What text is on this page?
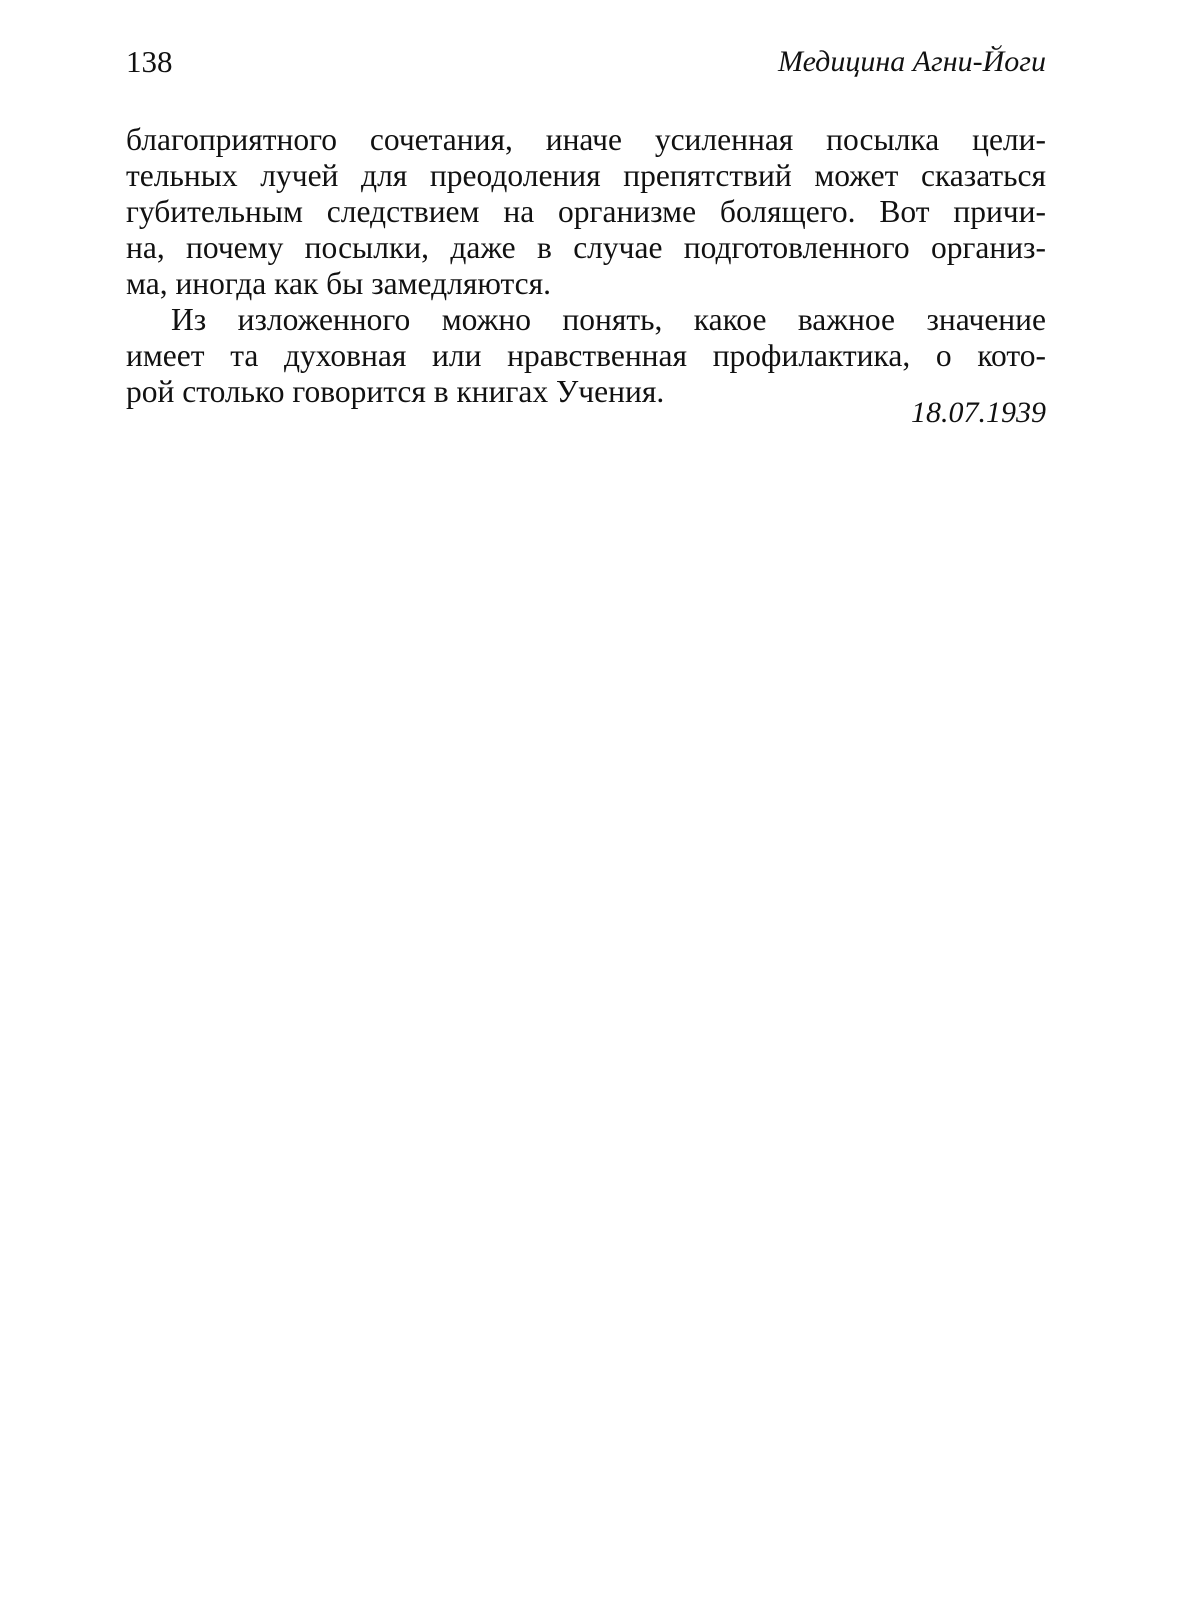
138	Медицина Агни-Йоги
благоприятного сочетания, иначе усиленная посылка цели-
тельных лучей для преодоления препятствий может сказаться
губительным следствием на организме болящего. Вот причи-
на, почему посылки, даже в случае подготовленного организ-
ма, иногда как бы замедляются.
Из изложенного можно понять, какое важное значение
имеет та духовная или нравственная профилактика, о кото-
рой столько говорится в книгах Учения.
18.07.1939
